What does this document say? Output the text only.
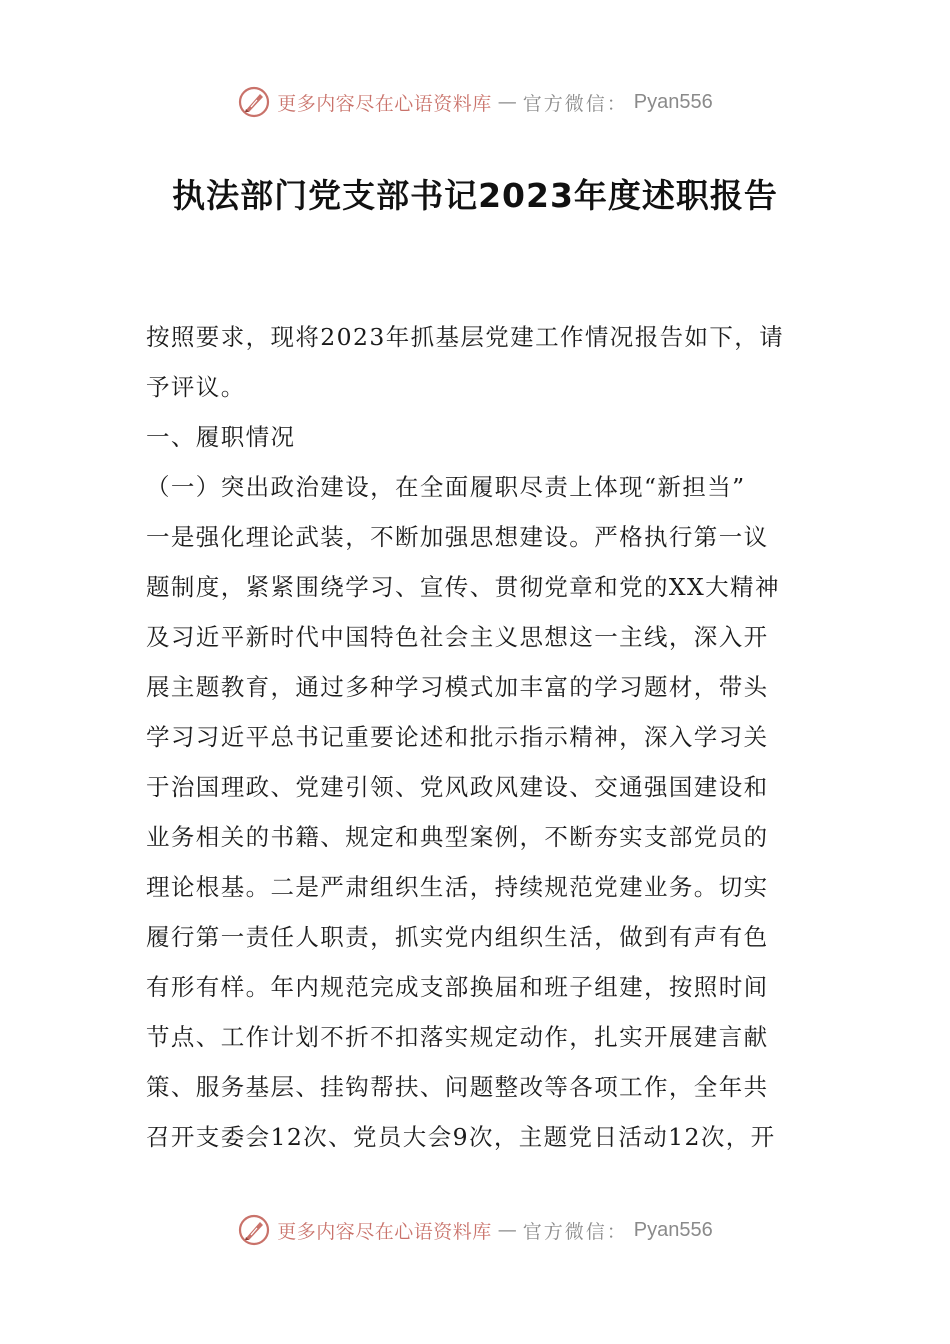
更多内容尽在心语资料库 — 官方微信： Pyan556
执法部门党支部书记2023年度述职报告
按照要求，现将2023年抓基层党建工作情况报告如下，请
予评议。
一、履职情况
（一）突出政治建设，在全面履职尽责上体现“新担当”
一是强化理论武装，不断加强思想建设。严格执行第一议
题制度，紧紧围绕学习、宣传、贯彻党章和党的XX大精神
及习近平新时代中国特色社会主义思想这一主线，深入开
展主题教育，通过多种学习模式加丰富的学习题材，带头
学习习近平总书记重要论述和批示指示精神，深入学习关
于治国理政、党建引领、党风政风建设、交通强国建设和
业务相关的书籍、规定和典型案例，不断夯实支部党员的
理论根基。二是严肃组织生活，持续规范党建业务。切实
履行第一责任人职责，抓实党内组织生活，做到有声有色
有形有样。年内规范完成支部换届和班子组建，按照时间
节点、工作计划不折不扣落实规定动作，扎实开展建言献
策、服务基层、挂钩帮扶、问题整改等各项工作，全年共
召开支委会12次、党员大会9次，主题党日活动12次，开
更多内容尽在心语资料库 — 官方微信： Pyan556
